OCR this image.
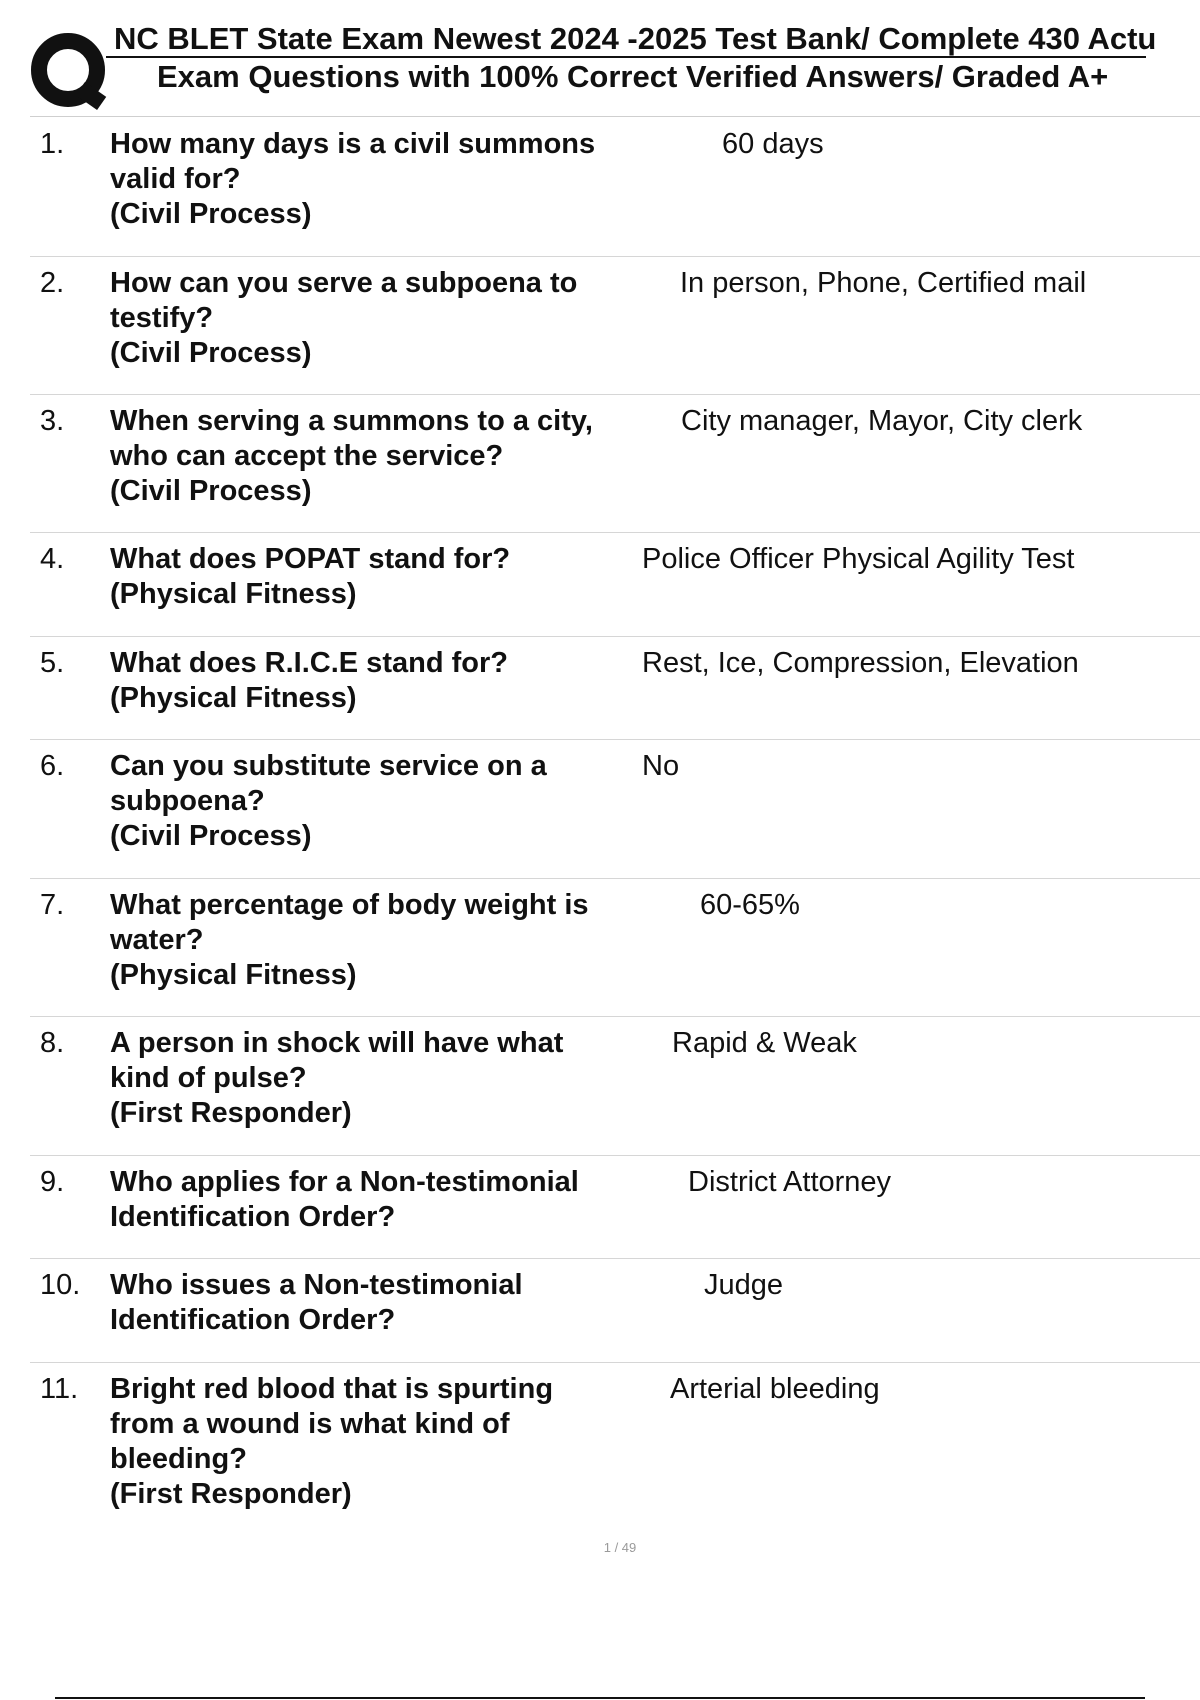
NC BLET State Exam Newest 2024 -2025 Test Bank/ Complete 430 Actu
Exam Questions with 100% Correct Verified Answers/ Graded A+
1. How many days is a civil summons valid for?
(Civil Process)
60 days
2. How can you serve a subpoena to testify?
(Civil Process)
In person, Phone, Certified mail
3. When serving a summons to a city, who can accept the service?
(Civil Process)
City manager, Mayor, City clerk
4. What does POPAT stand for?
(Physical Fitness)
Police Officer Physical Agility Test
5. What does R.I.C.E stand for?
(Physical Fitness)
Rest, Ice, Compression, Elevation
6. Can you substitute service on a subpoena?
(Civil Process)
No
7. What percentage of body weight is water?
(Physical Fitness)
60-65%
8. A person in shock will have what kind of pulse?
(First Responder)
Rapid & Weak
9. Who applies for a Non-testimonial Identification Order?
District Attorney
10. Who issues a Non-testimonial Identification Order?
Judge
11. Bright red blood that is spurting from a wound is what kind of bleeding?
(First Responder)
Arterial bleeding
1 / 49
